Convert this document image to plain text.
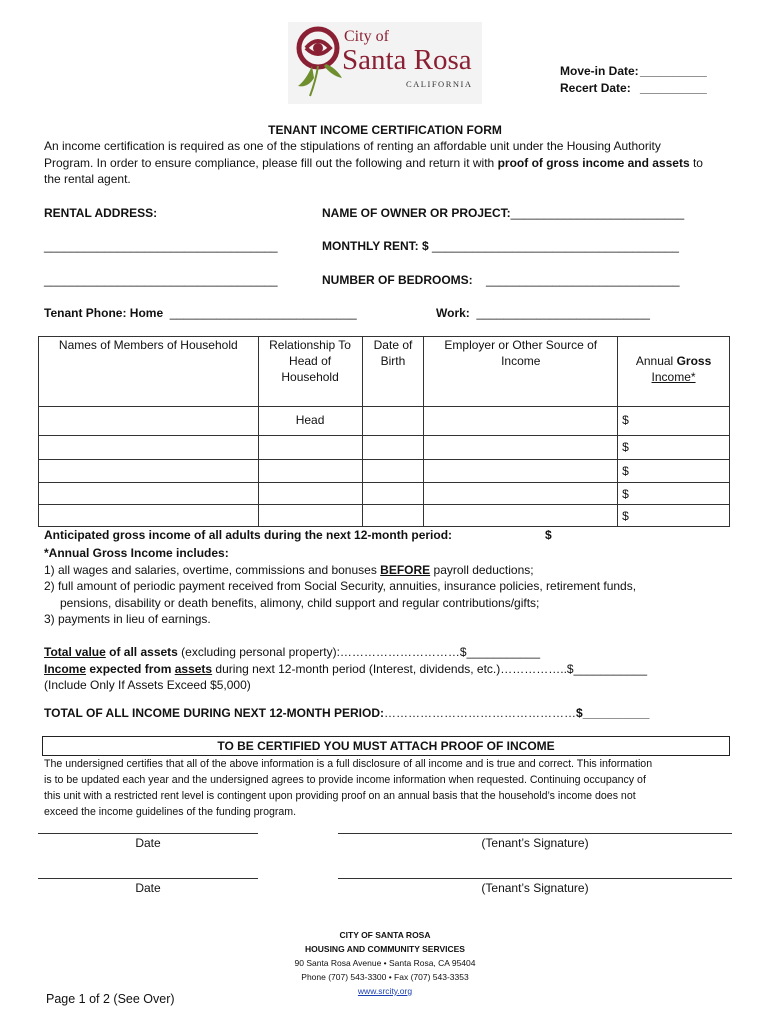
City of
Santa Rosa
CALIFORNIA
Move-in Date: __________
Recert Date: __________
TENANT INCOME CERTIFICATION FORM
An income certification is required as one of the stipulations of renting an affordable unit under the Housing Authority
Program. In order to ensure compliance, please fill out the following and return it with proof of gross income and assets to
the rental agent.
RENTAL ADDRESS:	NAME OF OWNER OR PROJECT:__________________________
___________________________________	MONTHLY RENT: $ _____________________________________
___________________________________	NUMBER OF BEDROOMS: _____________________________
Tenant Phone: Home ____________________________	Work: __________________________
Names of Members of Household	Relationship To Head of Household	Date of Birth	Employer or Other Source of Income	Annual Gross
Income*
	Head			$
				$
				$
				$
				$
Anticipated gross income of all adults during the next 12-month period:	$
*Annual Gross Income includes:
1) all wages and salaries, overtime, commissions and bonuses BEFORE payroll deductions;
2) full amount of periodic payment received from Social Security, annuities, insurance policies, retirement funds,
pensions, disability or death benefits, alimony, child support and regular contributions/gifts;
3) payments in lieu of earnings.
Total value of all assets (excluding personal property):…………………………$___________
Income expected from assets during next 12-month period (Interest, dividends, etc.)……………..$___________
(Include Only If Assets Exceed $5,000)
TOTAL OF ALL INCOME DURING NEXT 12-MONTH PERIOD:…………………………………………$__________
TO BE CERTIFIED YOU MUST ATTACH PROOF OF INCOME
The undersigned certifies that all of the above information is a full disclosure of all income and is true and correct. This information
is to be updated each year and the undersigned agrees to provide income information when requested. Continuing occupancy of
this unit with a restricted rent level is contingent upon providing proof on an annual basis that the household’s income does not
exceed the income guidelines of the funding program.
Date	(Tenant’s Signature)
Date	(Tenant’s Signature)
CITY OF SANTA ROSA
HOUSING AND COMMUNITY SERVICES
90 Santa Rosa Avenue • Santa Rosa, CA 95404
Phone (707) 543-3300 • Fax (707) 543-3353
www.srcity.org
Page 1 of 2 (See Over)
